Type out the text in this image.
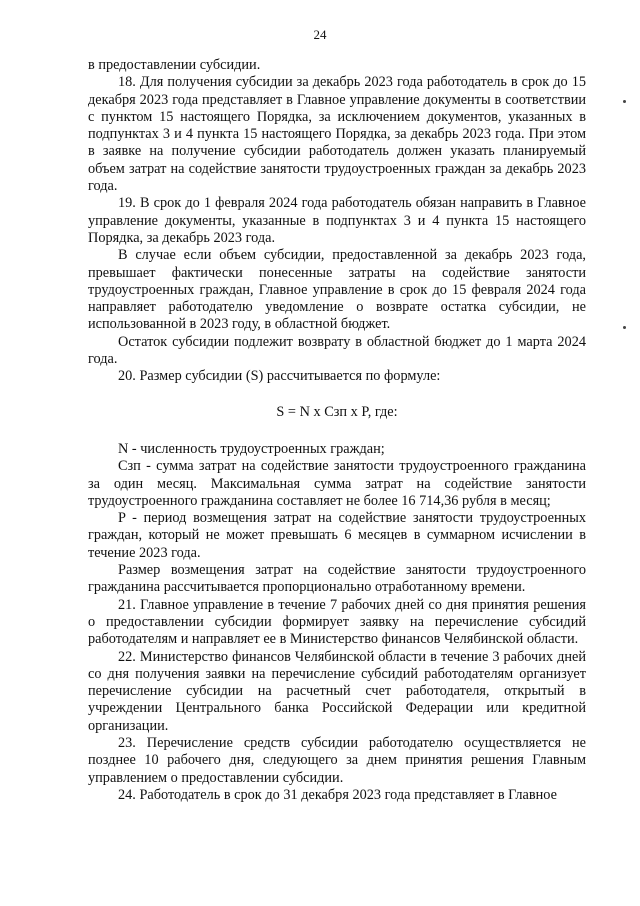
24

в предоставлении субсидии.

18. Для получения субсидии за декабрь 2023 года работодатель в срок до 15 декабря 2023 года представляет в Главное управление документы в соответствии с пунктом 15 настоящего Порядка, за исключением документов, указанных в подпунктах 3 и 4 пункта 15 настоящего Порядка, за декабрь 2023 года. При этом в заявке на получение субсидии работодатель должен указать планируемый объем затрат на содействие занятости трудоустроенных граждан за декабрь 2023 года.

19. В срок до 1 февраля 2024 года работодатель обязан направить в Главное управление документы, указанные в подпунктах 3 и 4 пункта 15 настоящего Порядка, за декабрь 2023 года.

В случае если объем субсидии, предоставленной за декабрь 2023 года, превышает фактически понесенные затраты на содействие занятости трудоустроенных граждан, Главное управление в срок до 15 февраля 2024 года направляет работодателю уведомление о возврате остатка субсидии, не использованной в 2023 году, в областной бюджет.

Остаток субсидии подлежит возврату в областной бюджет до 1 марта 2024 года.

20. Размер субсидии (S) рассчитывается по формуле:

S = N x Сзп x P, где:

N - численность трудоустроенных граждан;

Сзп - сумма затрат на содействие занятости трудоустроенного гражданина за один месяц. Максимальная сумма затрат на содействие занятости трудоустроенного гражданина составляет не более 16 714,36 рубля в месяц;

P - период возмещения затрат на содействие занятости трудоустроенных граждан, который не может превышать 6 месяцев в суммарном исчислении в течение 2023 года.

Размер возмещения затрат на содействие занятости трудоустроенного гражданина рассчитывается пропорционально отработанному времени.

21. Главное управление в течение 7 рабочих дней со дня принятия решения о предоставлении субсидии формирует заявку на перечисление субсидий работодателям и направляет ее в Министерство финансов Челябинской области.

22. Министерство финансов Челябинской области в течение 3 рабочих дней со дня получения заявки на перечисление субсидий работодателям организует перечисление субсидии на расчетный счет работодателя, открытый в учреждении Центрального банка Российской Федерации или кредитной организации.

23. Перечисление средств субсидии работодателю осуществляется не позднее 10 рабочего дня, следующего за днем принятия решения Главным управлением о предоставлении субсидии.

24. Работодатель в срок до 31 декабря 2023 года представляет в Главное
